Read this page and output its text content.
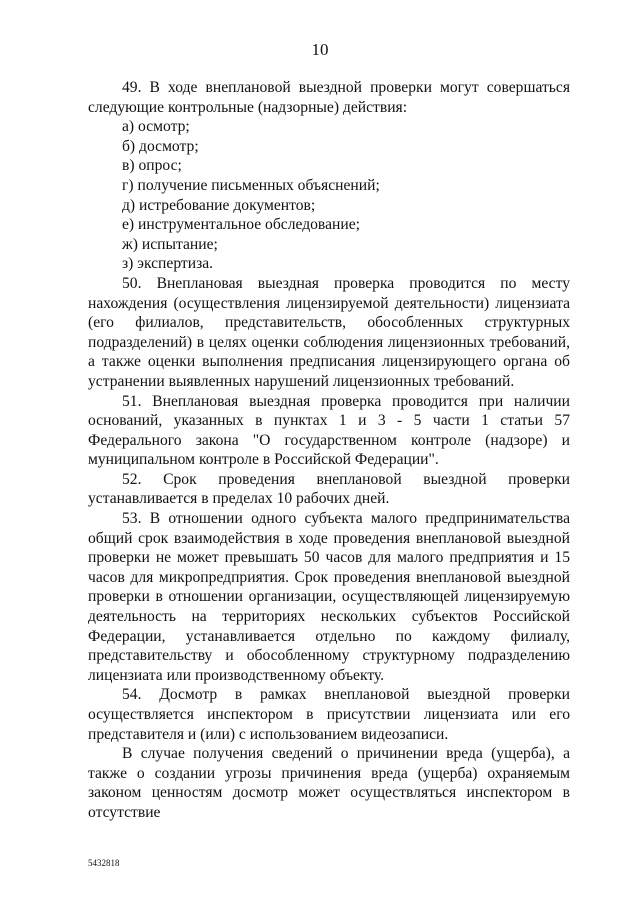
10

49. В ходе внеплановой выездной проверки могут совершаться следующие контрольные (надзорные) действия:

а) осмотр;

б) досмотр;

в) опрос;

г) получение письменных объяснений;

д) истребование документов;

е) инструментальное обследование;

ж) испытание;

з) экспертиза.

50. Внеплановая выездная проверка проводится по месту нахождения (осуществления лицензируемой деятельности) лицензиата (его филиалов, представительств, обособленных структурных подразделений) в целях оценки соблюдения лицензионных требований, а также оценки выполнения предписания лицензирующего органа об устранении выявленных нарушений лицензионных требований.

51. Внеплановая выездная проверка проводится при наличии оснований, указанных в пунктах 1 и 3 - 5 части 1 статьи 57 Федерального закона "О государственном контроле (надзоре) и муниципальном контроле в Российской Федерации".

52. Срок проведения внеплановой выездной проверки устанавливается в пределах 10 рабочих дней.

53. В отношении одного субъекта малого предпринимательства общий срок взаимодействия в ходе проведения внеплановой выездной проверки не может превышать 50 часов для малого предприятия и 15 часов для микропредприятия. Срок проведения внеплановой выездной проверки в отношении организации, осуществляющей лицензируемую деятельность на территориях нескольких субъектов Российской Федерации, устанавливается отдельно по каждому филиалу, представительству и обособленному структурному подразделению лицензиата или производственному объекту.

54. Досмотр в рамках внеплановой выездной проверки осуществляется инспектором в присутствии лицензиата или его представителя и (или) с использованием видеозаписи.

В случае получения сведений о причинении вреда (ущерба), а также о создании угрозы причинения вреда (ущерба) охраняемым законом ценностям досмотр может осуществляться инспектором в отсутствие

5432818
